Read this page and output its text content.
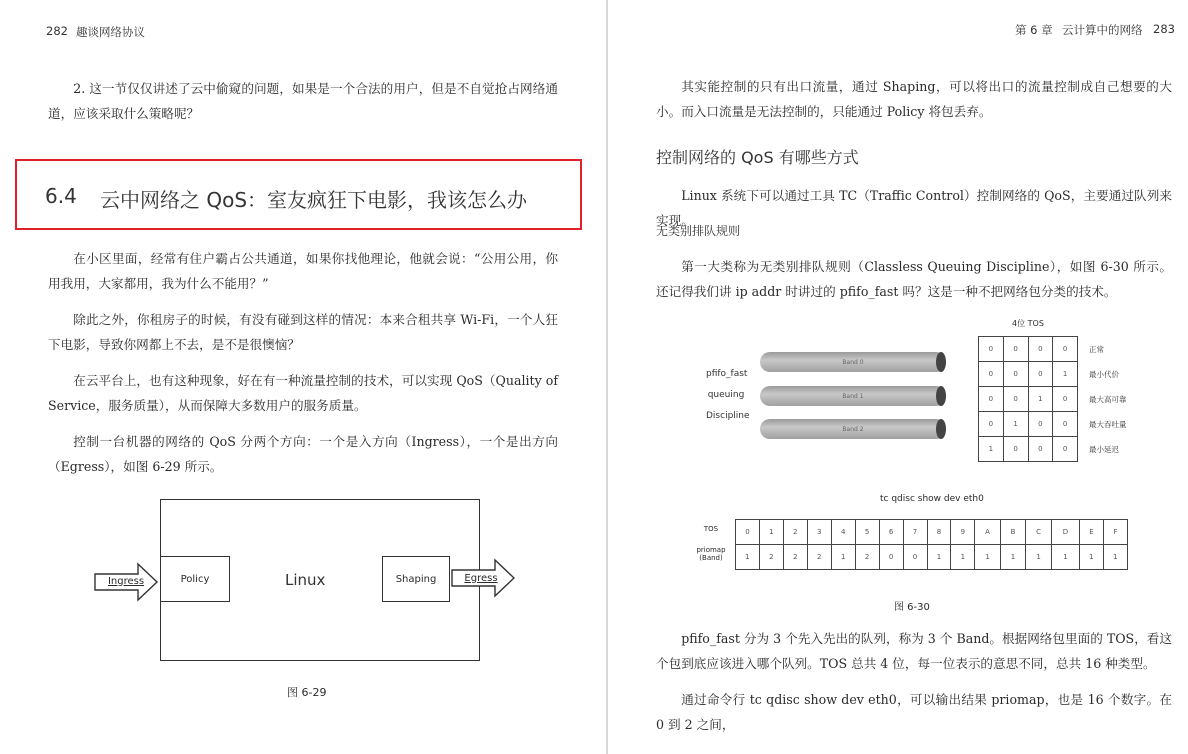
282 趣谈网络协议

2. 这一节仅仅讲述了云中偷窥的问题，如果是一个合法的用户，但是不自觉抢占网络通道，应该采取什么策略呢？

6.4 云中网络之 QoS：室友疯狂下电影，我该怎么办

在小区里面，经常有住户霸占公共通道，如果你找他理论，他就会说：“公用公用，你用我用，大家都用，我为什么不能用？”

除此之外，你租房子的时候，有没有碰到这样的情况：本来合租共享 Wi-Fi，一个人狂下电影，导致你网都上不去，是不是很懊恼？

在云平台上，也有这种现象，好在有一种流量控制的技术，可以实现 QoS（Quality of Service，服务质量），从而保障大多数用户的服务质量。

控制一台机器的网络的 QoS 分两个方向：一个是入方向（Ingress），一个是出方向（Egress），如图 6-29 所示。

Policy	Shaping
Linux
Ingress	Egress
图 6-29
第 6 章 云计算中的网络 283

其实能控制的只有出口流量，通过 Shaping，可以将出口的流量控制成自己想要的大小。而入口流量是无法控制的，只能通过 Policy 将包丢弃。

控制网络的 QoS 有哪些方式

Linux 系统下可以通过工具 TC（Traffic Control）控制网络的 QoS，主要通过队列来实现。

无类别排队规则

第一大类称为无类别排队规则（Classless Queuing Discipline），如图 6-30 所示。还记得我们讲 ip addr 时讲过的 pfifo_fast 吗？这是一种不把网络包分类的技术。

pfifo_fast
queuing
Discipline
Band 0
Band 1
Band 2
4位 TOS
0	0	0	0
0	0	0	1
0	0	1	0
0	1	0	0
1	0	0	0
正常
最小代价
最大高可靠
最大吞吐量
最小延迟
tc qdisc show dev eth0
TOS
priomap
(Band)
0	1	2	3	4	5	6	7	8	9	A	B	C	D	E	F
1	2	2	2	1	2	0	0	1	1	1	1	1	1	1	1
图 6-30

pfifo_fast 分为 3 个先入先出的队列，称为 3 个 Band。根据网络包里面的 TOS，看这个包到底应该进入哪个队列。TOS 总共 4 位，每一位表示的意思不同，总共 16 种类型。

通过命令行 tc qdisc show dev eth0，可以输出结果 priomap，也是 16 个数字。在 0 到 2 之间，
